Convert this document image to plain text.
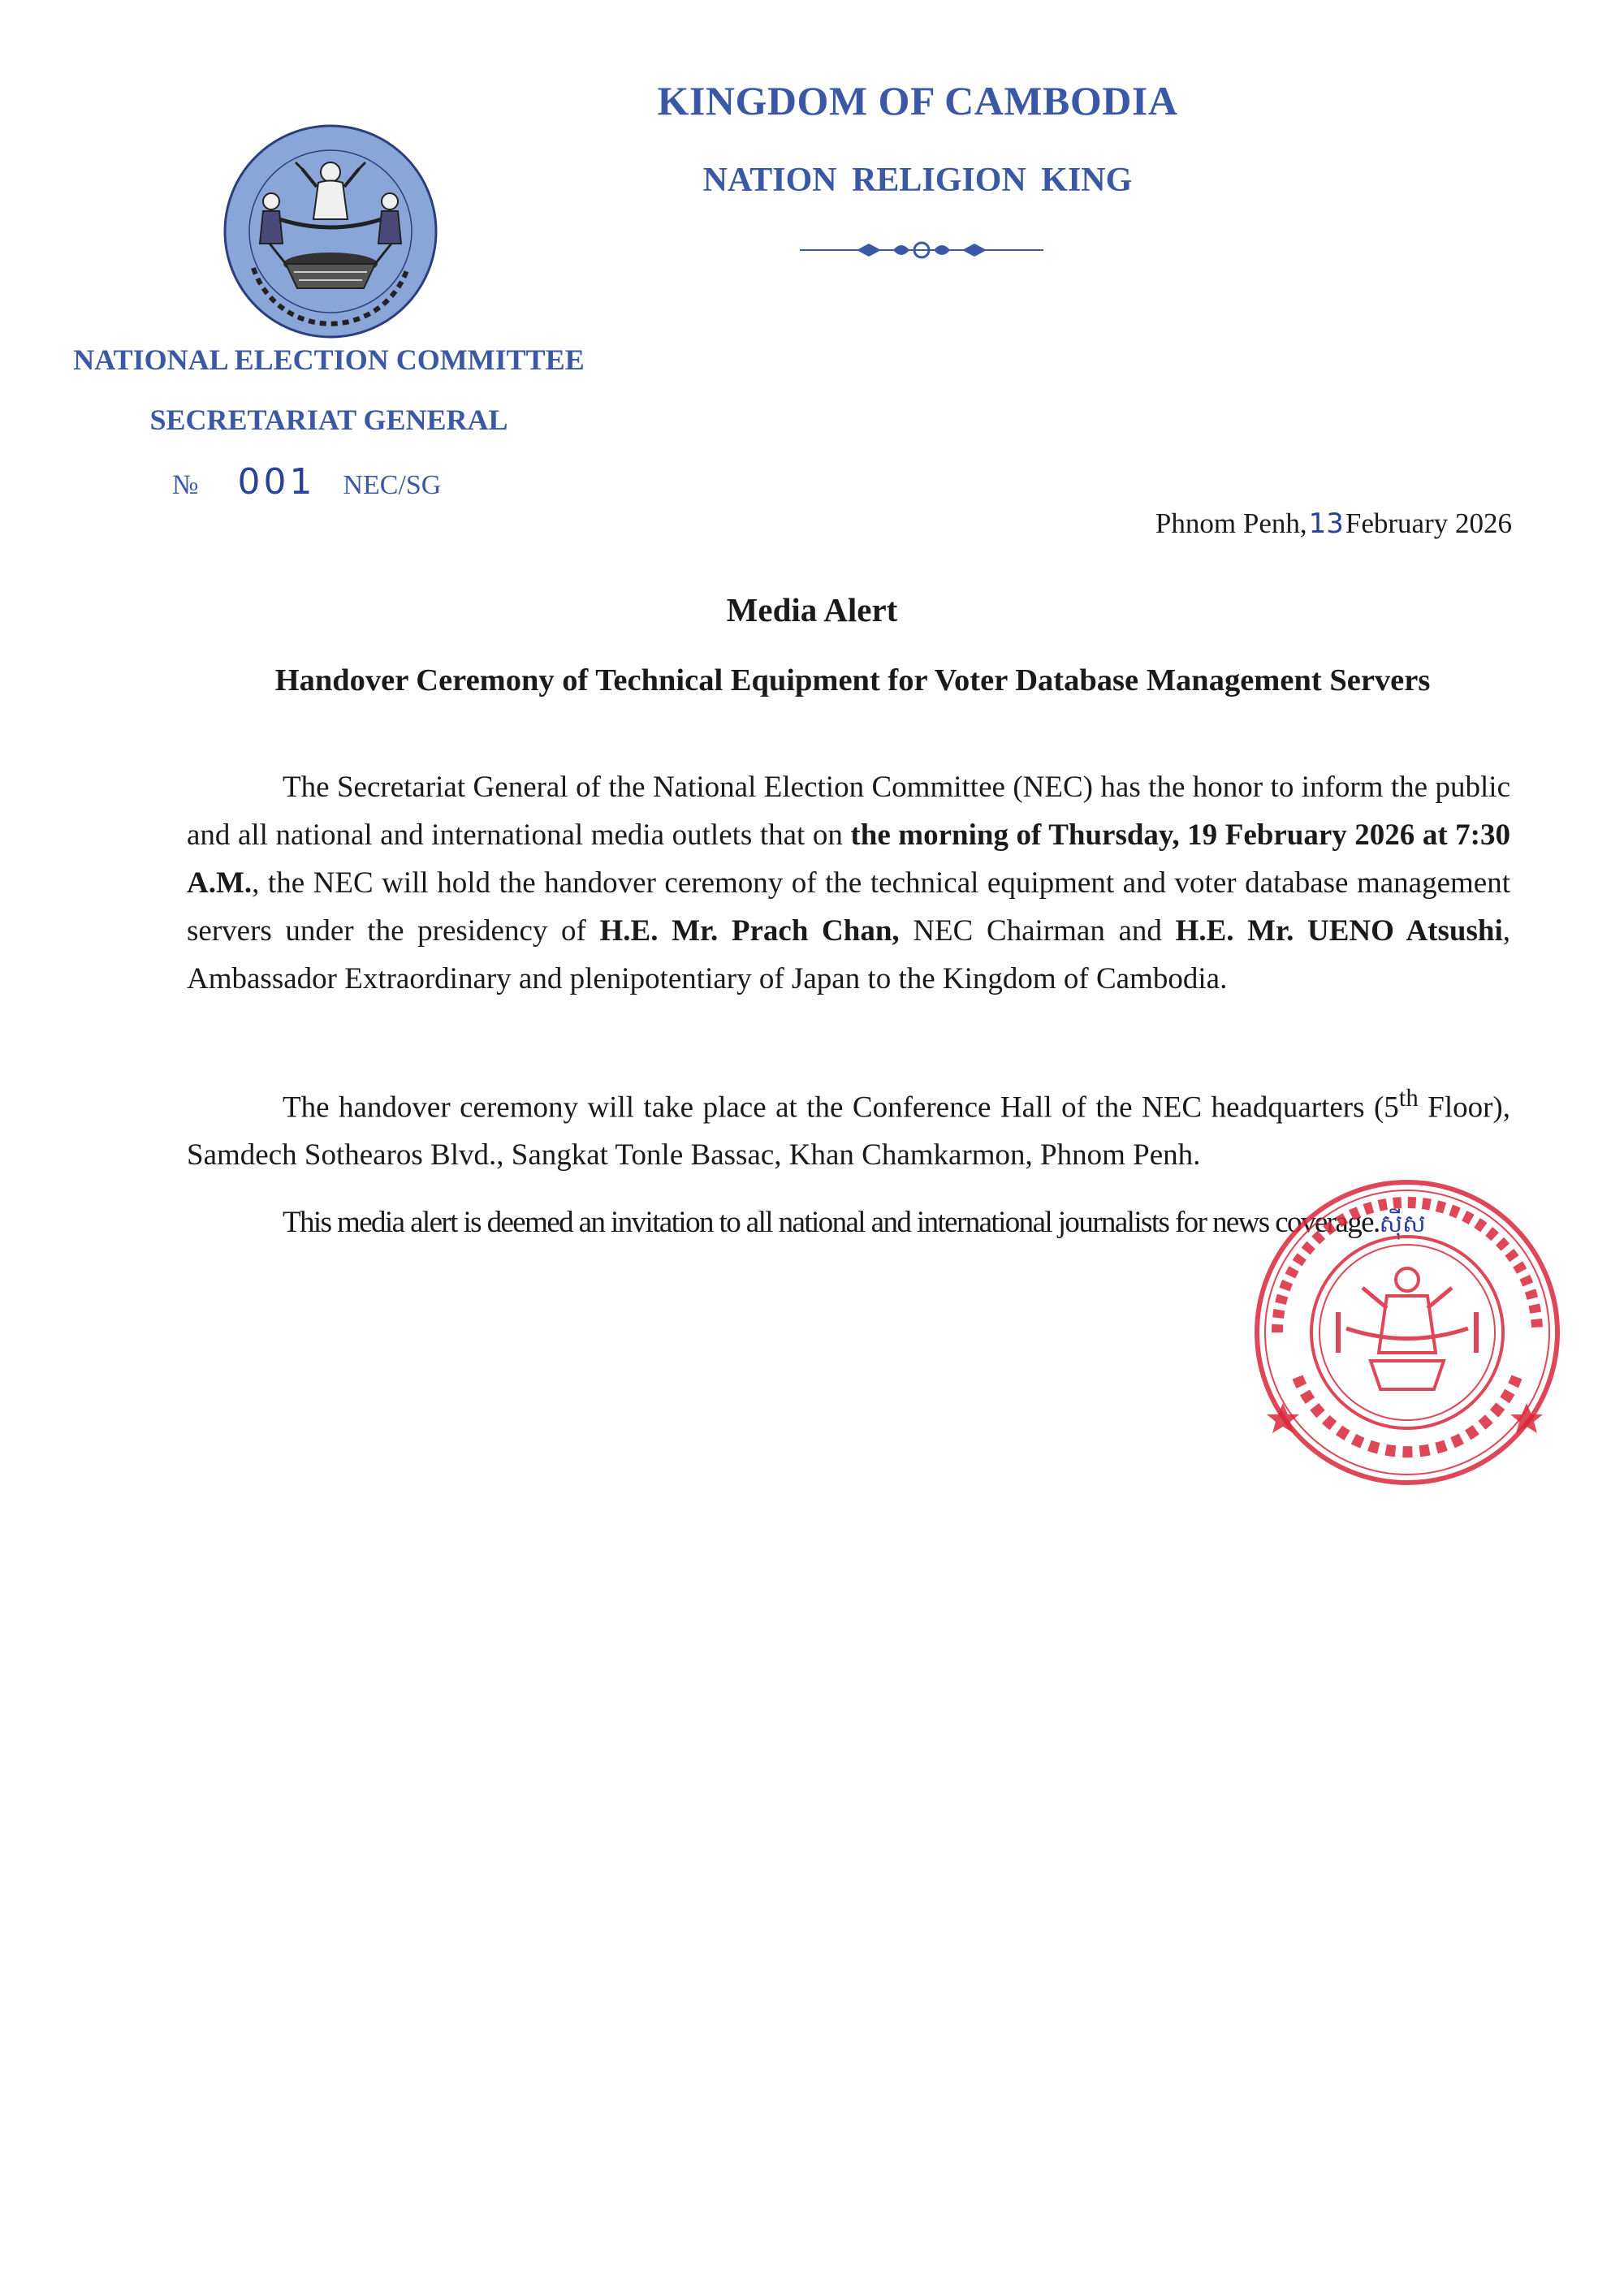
KINGDOM OF CAMBODIA
NATION RELIGION KING
NATIONAL ELECTION COMMITTEE
SECRETARIAT GENERAL
№ 001 NEC/SG
Phnom Penh, 13 February 2026
Media Alert
Handover Ceremony of Technical Equipment for Voter Database Management Servers

The Secretariat General of the National Election Committee (NEC) has the honor to inform the public and all national and international media outlets that on the morning of Thursday, 19 February 2026 at 7:30 A.M., the NEC will hold the handover ceremony of the technical equipment and voter database management servers under the presidency of H.E. Mr. Prach Chan, NEC Chairman and H.E. Mr. UENO Atsushi, Ambassador Extraordinary and plenipotentiary of Japan to the Kingdom of Cambodia.

The handover ceremony will take place at the Conference Hall of the NEC headquarters (5th Floor), Samdech Sothearos Blvd., Sangkat Tonle Bassac, Khan Chamkarmon, Phnom Penh.

This media alert is deemed an invitation to all national and international journalists for news coverage.ស៊ីស
